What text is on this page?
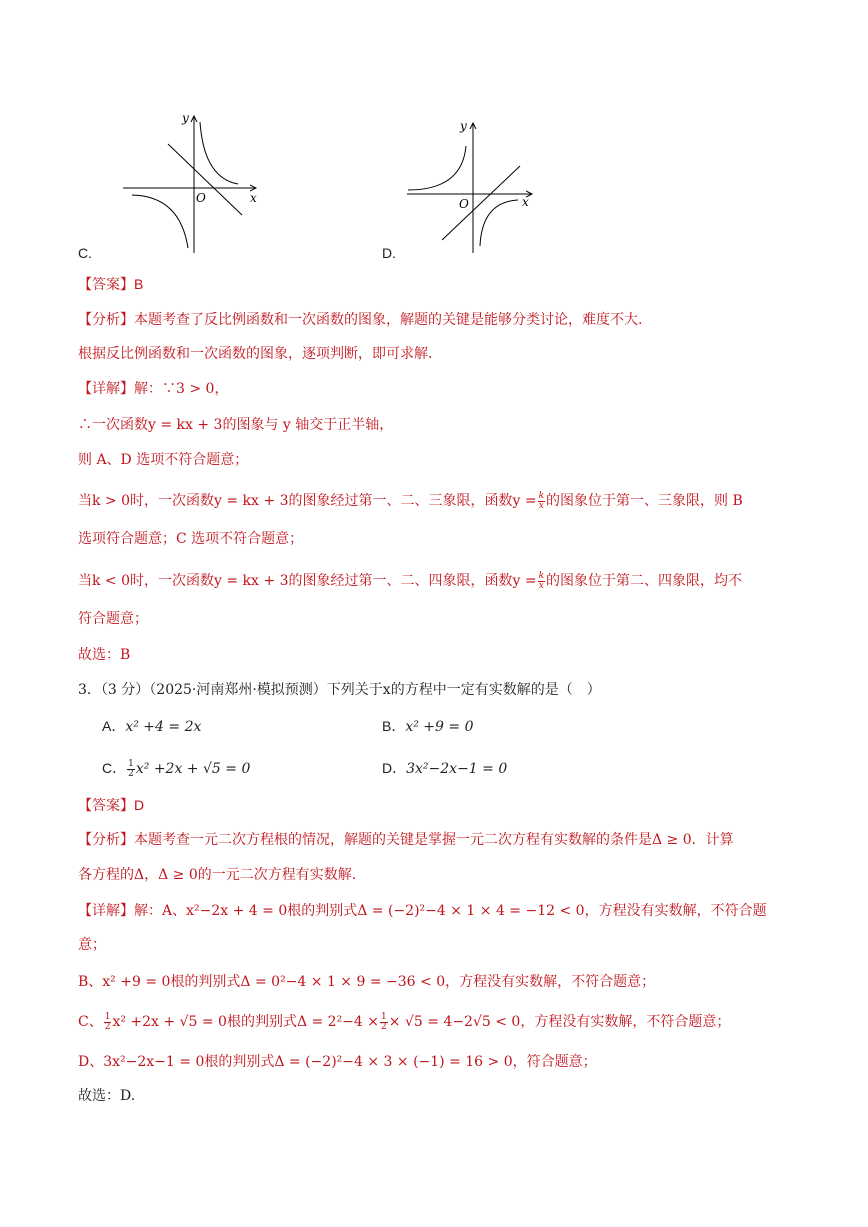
y
x
O
C.
y
x
O
D.
【答案】B
【分析】本题考查了反比例函数和一次函数的图象，解题的关键是能够分类讨论，难度不大.
根据反比例函数和一次函数的图象，逐项判断，即可求解.
【详解】解：∵3 > 0，
∴一次函数y = kx + 3的图象与 y 轴交于正半轴，
则 A、D 选项不符合题意；
当k > 0时，一次函数y = kx + 3的图象经过第一、二、三象限，函数$y = \frac{k}{x}$ 的图象位于第一、三象限，则 B
选项符合题意；C 选项不符合题意；
当k < 0时，一次函数y = kx + 3的图象经过第一、二、四象限，函数$y = \frac{k}{x}$ 的图象位于第二、四象限，均不
符合题意；
故选：B
3．（3 分）（2025·河南郑州·模拟预测）下列关于x的方程中一定有实数解的是（　）
A．x² +4 = 2x	B．x² +9 = 0
C． $\frac{1}{2} x^2 +2x + √5 = 0$	D．3x²−2x−1 = 0
【答案】D
【分析】本题考查一元二次方程根的情况，解题的关键是掌握一元二次方程有实数解的条件是Δ ≥ 0．计算
各方程的Δ，Δ ≥ 0的一元二次方程有实数解.
【详解】解：A、x²−2x + 4 = 0根的判别式Δ = (−2)²−4 × 1 × 4 = −12 < 0，方程没有实数解，不符合题
意；
B、x² +9 = 0根的判别式Δ = 0²−4 × 1 × 9 = −36 < 0，方程没有实数解，不符合题意；
C、 $\frac{1}{2} x^2 +2x + √5 = 0$根的判别式$\Delta = 2^2-4 \times \frac{1}{2} \times √5 = 4-2√5 < 0$，方程没有实数解，不符合题意；
D、3x²−2x−1 = 0根的判别式Δ = (−2)²−4 × 3 × (−1) = 16 > 0，符合题意；
故选：D.
